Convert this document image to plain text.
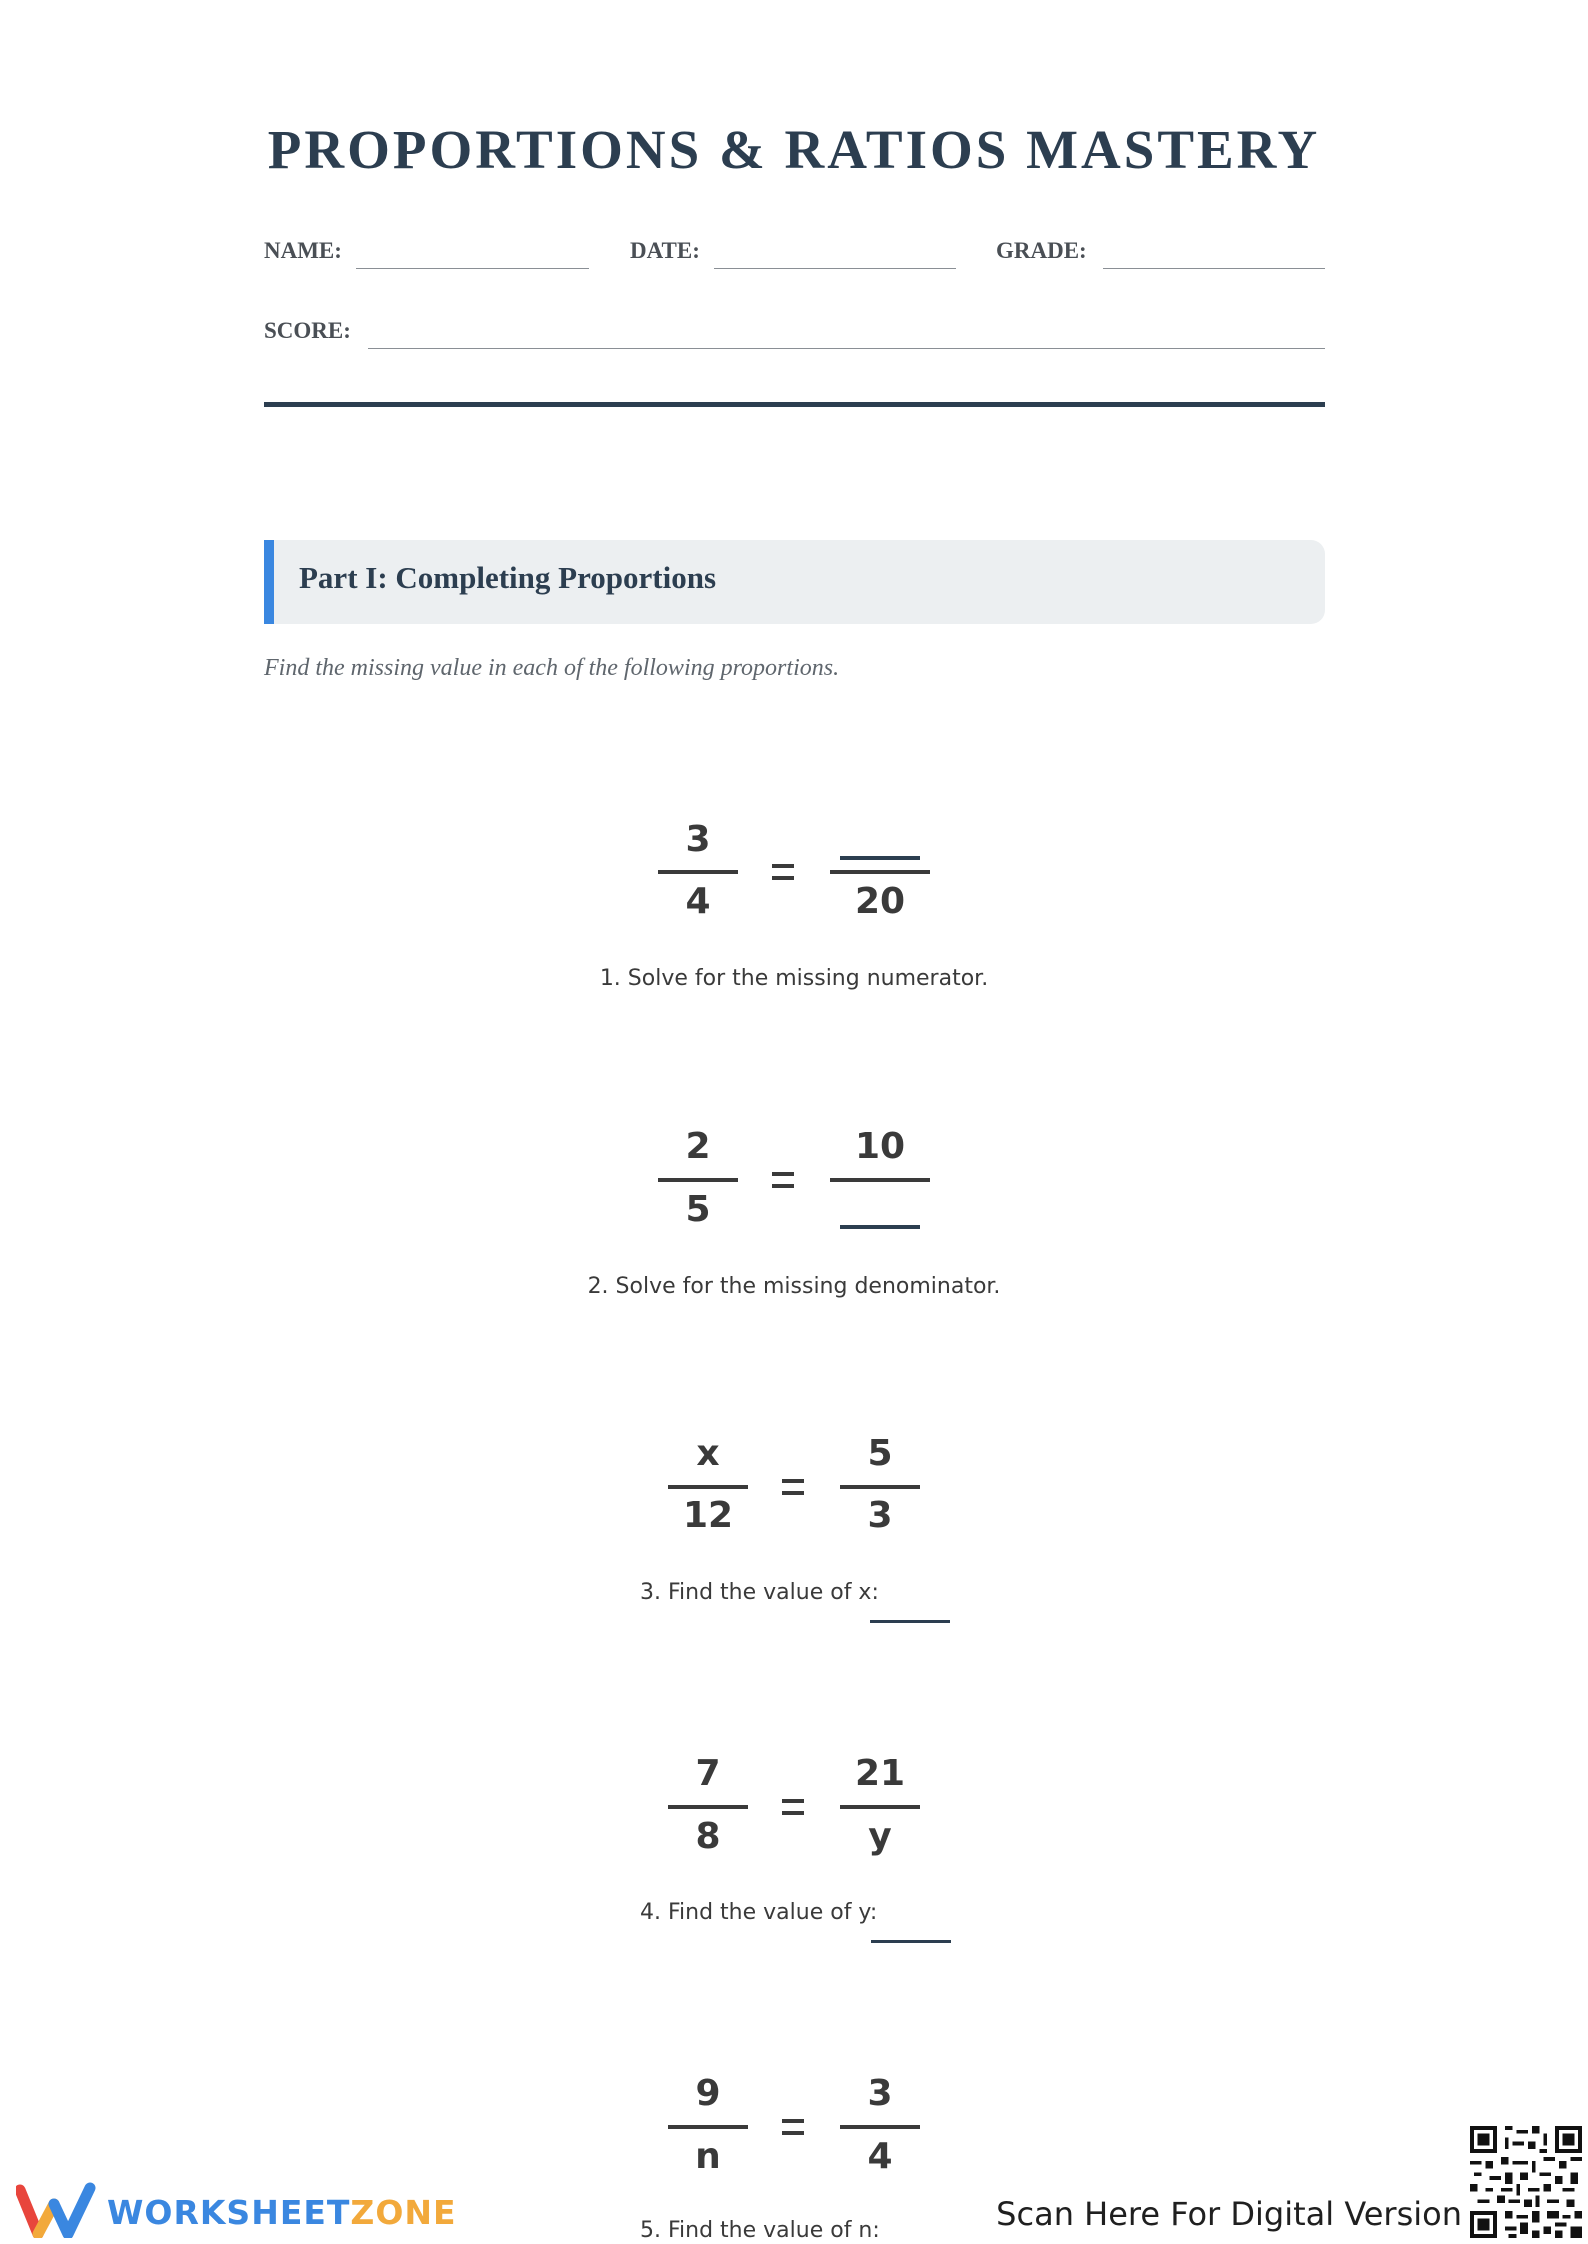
PROPORTIONS & RATIOS MASTERY
NAME:	DATE:	GRADE:
SCORE:
Part I: Completing Proportions
Find the missing value in each of the following proportions.
3
4	20
1. Solve for the missing numerator.
2
5
10
2. Solve for the missing denominator.
x
12
5
3
3. Find the value of x:
7
8
21
y
4. Find the value of y:
9
n
3
4
5. Find the value of n:
WORKSHEETZONE	Scan Here For Digital Version
